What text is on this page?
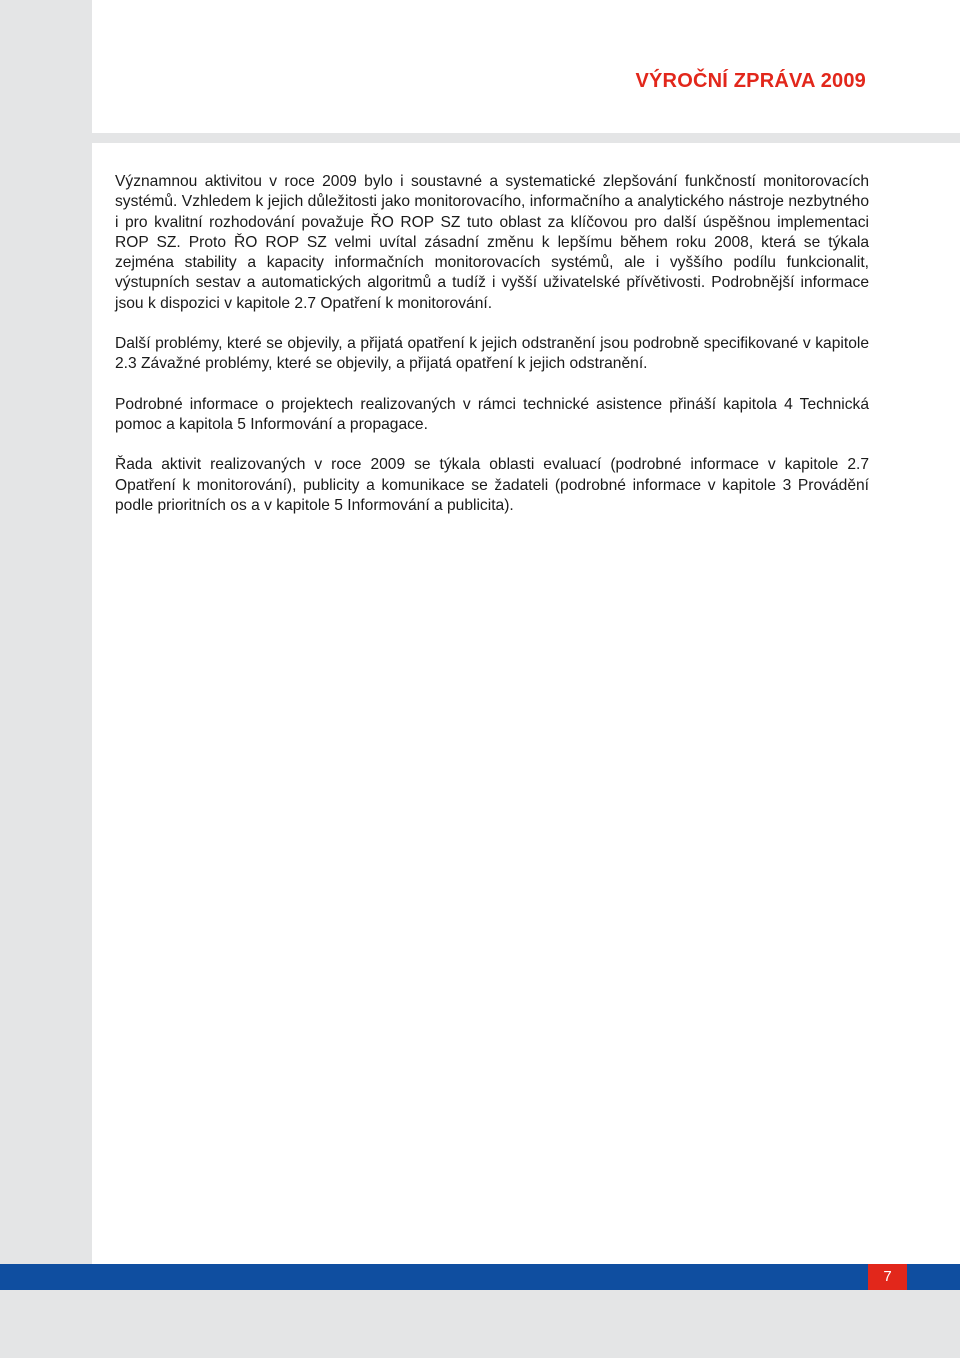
VÝROČNÍ ZPRÁVA 2009

Významnou aktivitou v roce 2009 bylo i soustavné a systematické zlepšování funkčností monitorovacích systémů. Vzhledem k jejich důležitosti jako monitorovacího, informačního a analytického nástroje nezbytného i pro kvalitní rozhodování považuje ŘO ROP SZ tuto oblast za klíčovou pro další úspěšnou implementaci ROP SZ. Proto ŘO ROP SZ velmi uvítal zásadní změnu k lepšímu během roku 2008, která se týkala zejména stability a kapacity informačních monitorovacích systémů, ale i vyššího podílu funkcionalit, výstupních sestav a automatických algoritmů a tudíž i vyšší uživatelské přívětivosti. Podrobnější informace jsou k dispozici v kapitole 2.7 Opatření k monitorování.

Další problémy, které se objevily, a přijatá opatření k jejich odstranění jsou podrobně specifikované v kapitole 2.3 Závažné problémy, které se objevily, a přijatá opatření k jejich odstranění.

Podrobné informace o projektech realizovaných v rámci technické asistence přináší kapitola 4 Technická pomoc a kapitola 5 Informování a propagace.

Řada aktivit realizovaných v roce 2009 se týkala oblasti evaluací (podrobné informace v kapitole 2.7 Opatření k monitorování), publicity a komunikace se žadateli (podrobné informace v kapitole 3 Provádění podle prioritních os a v kapitole 5 Informování a publicita).

7
